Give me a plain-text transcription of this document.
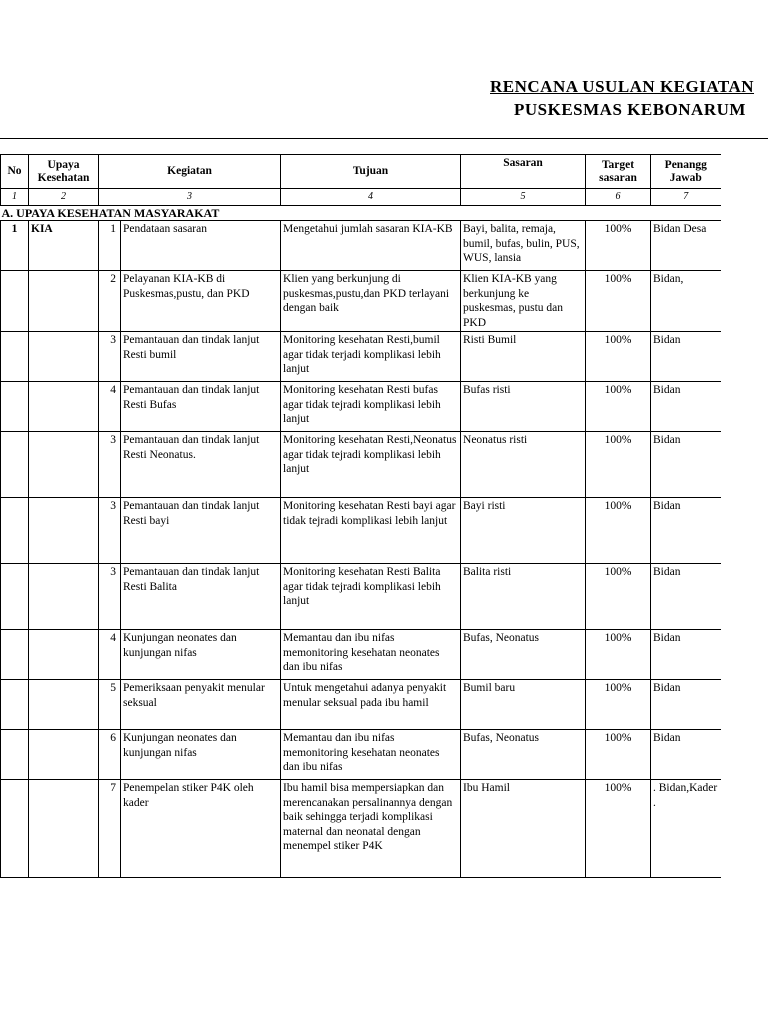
RENCANA USULAN KEGIATAN
PUSKESMAS KEBONARUM
No	Upaya Kesehatan	Kegiatan		Tujuan	Sasaran	Target sasaran	Penangg Jawab
1	2	3		4	5	6	7
A. UPAYA KESEHATAN MASYARAKAT							
1	KIA	1	Pendataan sasaran	Mengetahui jumlah sasaran KIA-KB	Bayi, balita, remaja, bumil, bufas, bulin, PUS, WUS, lansia	100%	Bidan Desa
		2	Pelayanan KIA-KB di Puskesmas,pustu, dan PKD	Klien yang berkunjung di puskesmas,pustu,dan PKD terlayani dengan baik	Klien KIA-KB yang berkunjung ke puskesmas, pustu dan PKD	100%	Bidan,
		3	Pemantauan dan tindak lanjut Resti bumil	Monitoring kesehatan Resti,bumil agar tidak terjadi komplikasi lebih lanjut	Risti Bumil	100%	Bidan
		4	Pemantauan dan tindak lanjut Resti Bufas	Monitoring kesehatan Resti bufas agar tidak tejradi komplikasi lebih lanjut	Bufas risti	100%	Bidan
		3	Pemantauan dan tindak lanjut Resti Neonatus.	Monitoring kesehatan Resti,Neonatus agar tidak tejradi komplikasi lebih lanjut	Neonatus risti	100%	Bidan
		3	Pemantauan dan tindak lanjut Resti bayi	Monitoring kesehatan Resti bayi agar tidak tejradi komplikasi lebih lanjut	Bayi risti	100%	Bidan
		3	Pemantauan dan tindak lanjut Resti Balita	Monitoring kesehatan Resti Balita agar tidak tejradi komplikasi lebih lanjut	Balita risti	100%	Bidan
		4	Kunjungan neonates dan kunjungan nifas	Memantau dan ibu nifas memonitoring kesehatan neonates dan ibu nifas	Bufas, Neonatus	100%	Bidan
		5	Pemeriksaan penyakit menular seksual	Untuk mengetahui adanya penyakit menular seksual pada ibu hamil	Bumil baru	100%	Bidan
		6	Kunjungan neonates dan kunjungan nifas	Memantau dan ibu nifas memonitoring kesehatan neonates dan ibu nifas	Bufas, Neonatus	100%	Bidan
		7	Penempelan stiker P4K oleh kader	Ibu hamil bisa mempersiapkan dan merencanakan persalinannya dengan baik sehingga terjadi komplikasi maternal dan neonatal dengan menempel stiker P4K	Ibu Hamil	100%	. Bidan,Kader .
